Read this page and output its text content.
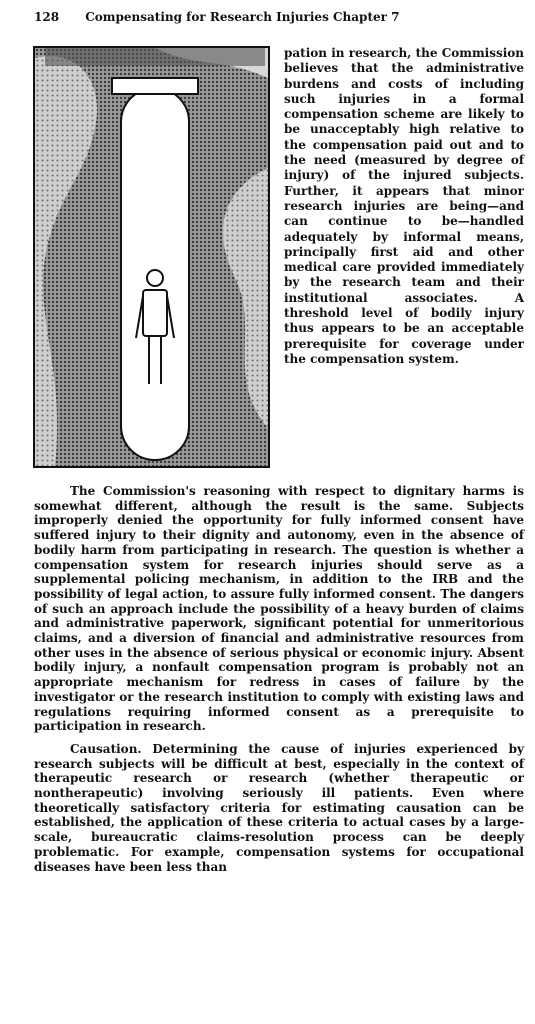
128 Compensating for Research Injuries Chapter 7
pation in research, the Commission believes that the administrative burdens and costs of including such injuries in a formal compensation scheme are likely to be unacceptably high relative to the compensation paid out and to the need (measured by degree of injury) of the injured subjects. Further, it appears that minor research injuries are being—and can continue to be—handled adequately by informal means, principally first aid and other medical care provided immediately by the research team and their institutional associates. A threshold level of bodily injury thus appears to be an acceptable prerequisite for coverage under the compensation system.

The Commission's reasoning with respect to dignitary harms is somewhat different, although the result is the same. Subjects improperly denied the opportunity for fully informed consent have suffered injury to their dignity and autonomy, even in the absence of bodily harm from participating in research. The question is whether a compensation system for research injuries should serve as a supplemental policing mechanism, in addition to the IRB and the possibility of legal action, to assure fully informed consent. The dangers of such an approach include the possibility of a heavy burden of claims and administrative paperwork, significant potential for unmeritorious claims, and a diversion of financial and administrative resources from other uses in the absence of serious physical or economic injury. Absent bodily injury, a nonfault compensation program is probably not an appropriate mechanism for redress in cases of failure by the investigator or the research institution to comply with existing laws and regulations requiring informed consent as a prerequisite to participation in research.

Causation. Determining the cause of injuries experienced by research subjects will be difficult at best, especially in the context of therapeutic research or research (whether therapeutic or nontherapeutic) involving seriously ill patients. Even where theoretically satisfactory criteria for estimating causation can be established, the application of these criteria to actual cases by a large-scale, bureaucratic claims-resolution process can be deeply problematic. For example, compensation systems for occupational diseases have been less than
